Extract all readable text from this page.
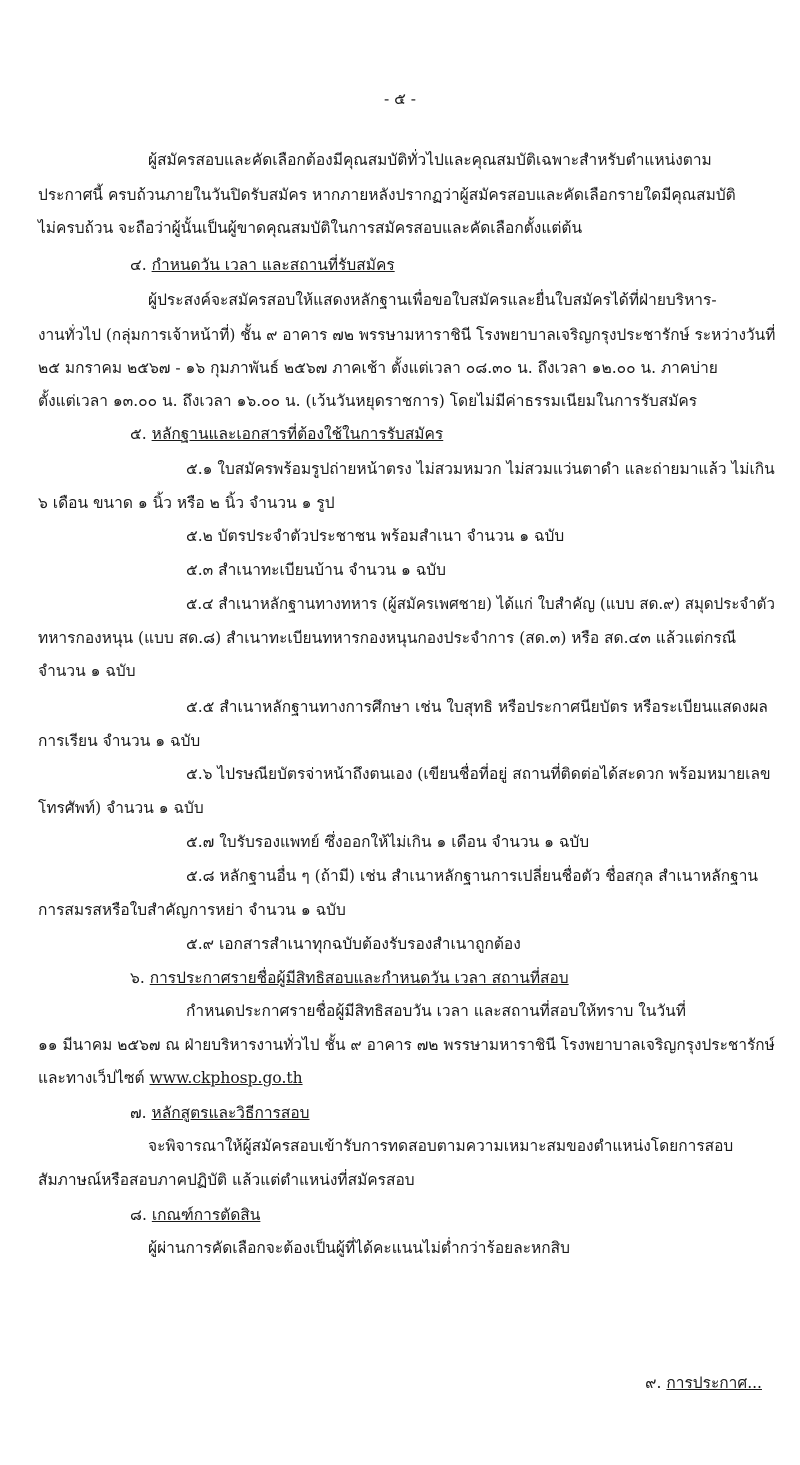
- ๕ -
ผู้สมัครสอบและคัดเลือกต้องมีคุณสมบัติทั่วไปและคุณสมบัติเฉพาะสำหรับตำแหน่งตาม
ประกาศนี้ ครบถ้วนภายในวันปิดรับสมัคร หากภายหลังปรากฏว่าผู้สมัครสอบและคัดเลือกรายใดมีคุณสมบัติ
ไม่ครบถ้วน จะถือว่าผู้นั้นเป็นผู้ขาดคุณสมบัติในการสมัครสอบและคัดเลือกตั้งแต่ต้น
๔. กำหนดวัน เวลา และสถานที่รับสมัคร
ผู้ประสงค์จะสมัครสอบให้แสดงหลักฐานเพื่อขอใบสมัครและยื่นใบสมัครได้ที่ฝ่ายบริหาร-
งานทั่วไป (กลุ่มการเจ้าหน้าที่) ชั้น ๙ อาคาร ๗๒ พรรษามหาราชินี โรงพยาบาลเจริญกรุงประชารักษ์ ระหว่างวันที่
๒๕ มกราคม ๒๕๖๗ - ๑๖ กุมภาพันธ์ ๒๕๖๗ ภาคเช้า ตั้งแต่เวลา ๐๘.๓๐ น. ถึงเวลา ๑๒.๐๐ น. ภาคบ่าย
ตั้งแต่เวลา ๑๓.๐๐ น. ถึงเวลา ๑๖.๐๐ น. (เว้นวันหยุดราชการ) โดยไม่มีค่าธรรมเนียมในการรับสมัคร
๕. หลักฐานและเอกสารที่ต้องใช้ในการรับสมัคร
๕.๑ ใบสมัครพร้อมรูปถ่ายหน้าตรง ไม่สวมหมวก ไม่สวมแว่นตาดำ และถ่ายมาแล้ว ไม่เกิน
๖ เดือน ขนาด ๑ นิ้ว หรือ ๒ นิ้ว จำนวน ๑ รูป
๕.๒ บัตรประจำตัวประชาชน พร้อมสำเนา จำนวน ๑ ฉบับ
๕.๓ สำเนาทะเบียนบ้าน จำนวน ๑ ฉบับ
๕.๔ สำเนาหลักฐานทางทหาร (ผู้สมัครเพศชาย) ได้แก่ ใบสำคัญ (แบบ สด.๙) สมุดประจำตัว
ทหารกองหนุน (แบบ สด.๘) สำเนาทะเบียนทหารกองหนุนกองประจำการ (สด.๓) หรือ สด.๔๓ แล้วแต่กรณี
จำนวน ๑ ฉบับ
๕.๕ สำเนาหลักฐานทางการศึกษา เช่น ใบสุทธิ หรือประกาศนียบัตร หรือระเบียนแสดงผล
การเรียน จำนวน ๑ ฉบับ
๕.๖ ไปรษณียบัตรจ่าหน้าถึงตนเอง (เขียนชื่อที่อยู่ สถานที่ติดต่อได้สะดวก พร้อมหมายเลข
โทรศัพท์) จำนวน ๑ ฉบับ
๕.๗ ใบรับรองแพทย์ ซึ่งออกให้ไม่เกิน ๑ เดือน จำนวน ๑ ฉบับ
๕.๘ หลักฐานอื่น ๆ (ถ้ามี) เช่น สำเนาหลักฐานการเปลี่ยนชื่อตัว ชื่อสกุล สำเนาหลักฐาน
การสมรสหรือใบสำคัญการหย่า จำนวน ๑ ฉบับ
๕.๙ เอกสารสำเนาทุกฉบับต้องรับรองสำเนาถูกต้อง
๖. การประกาศรายชื่อผู้มีสิทธิสอบและกำหนดวัน เวลา สถานที่สอบ
กำหนดประกาศรายชื่อผู้มีสิทธิสอบวัน เวลา และสถานที่สอบให้ทราบ ในวันที่
๑๑ มีนาคม ๒๕๖๗ ณ ฝ่ายบริหารงานทั่วไป ชั้น ๙ อาคาร ๗๒ พรรษามหาราชินี โรงพยาบาลเจริญกรุงประชารักษ์
และทางเว็ปไซต์ www.ckphosp.go.th
๗. หลักสูตรและวิธีการสอบ
จะพิจารณาให้ผู้สมัครสอบเข้ารับการทดสอบตามความเหมาะสมของตำแหน่งโดยการสอบ
สัมภาษณ์หรือสอบภาคปฏิบัติ แล้วแต่ตำแหน่งที่สมัครสอบ
๘. เกณฑ์การตัดสิน
ผู้ผ่านการคัดเลือกจะต้องเป็นผู้ที่ได้คะแนนไม่ต่ำกว่าร้อยละหกสิบ
๙. การประกาศ...
